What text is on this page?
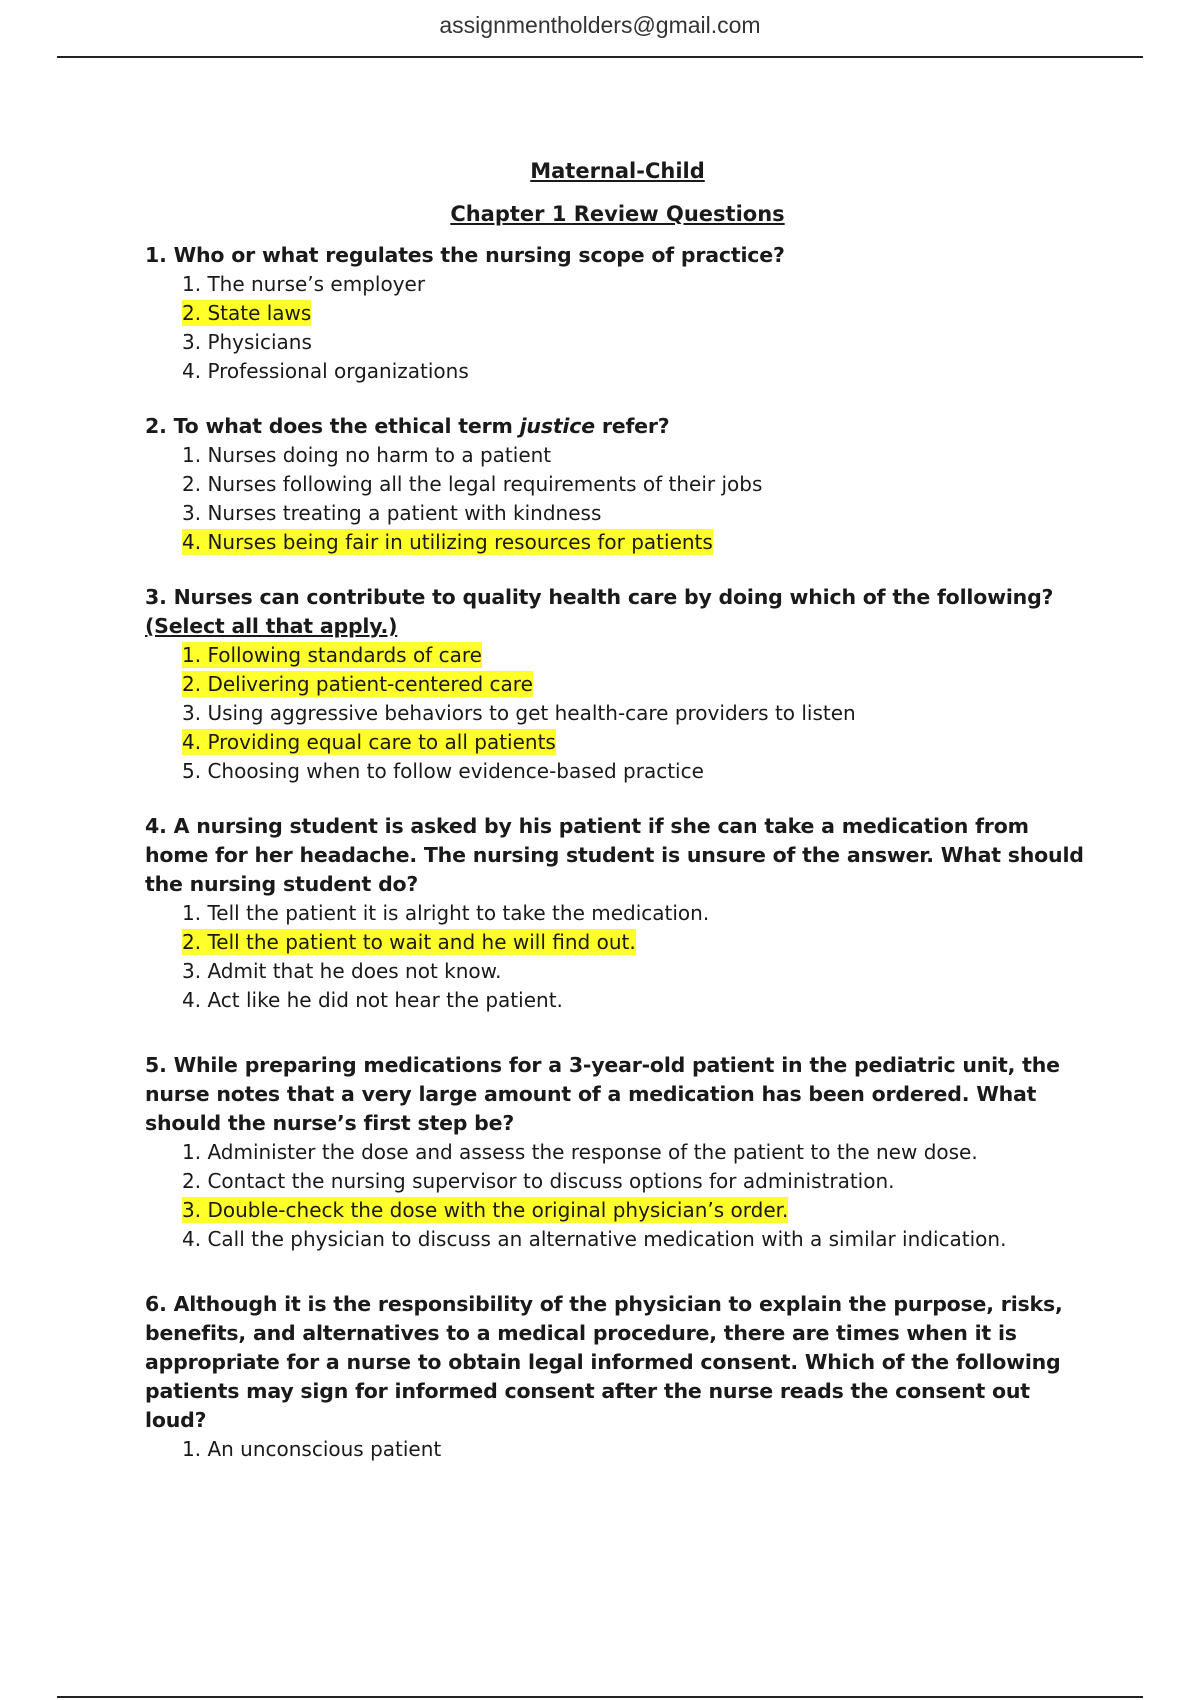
assignmentholders@gmail.com
Maternal-Child
Chapter 1 Review Questions
1. Who or what regulates the nursing scope of practice?
1. The nurse’s employer
2. State laws
3. Physicians
4. Professional organizations
2. To what does the ethical term justice refer?
1. Nurses doing no harm to a patient
2. Nurses following all the legal requirements of their jobs
3. Nurses treating a patient with kindness
4. Nurses being fair in utilizing resources for patients
3. Nurses can contribute to quality health care by doing which of the following? (Select all that apply.)
1. Following standards of care
2. Delivering patient-centered care
3. Using aggressive behaviors to get health-care providers to listen
4. Providing equal care to all patients
5. Choosing when to follow evidence-based practice
4. A nursing student is asked by his patient if she can take a medication from home for her headache. The nursing student is unsure of the answer. What should the nursing student do?
1. Tell the patient it is alright to take the medication.
2. Tell the patient to wait and he will find out.
3. Admit that he does not know.
4. Act like he did not hear the patient.
5. While preparing medications for a 3-year-old patient in the pediatric unit, the nurse notes that a very large amount of a medication has been ordered. What should the nurse’s first step be?
1. Administer the dose and assess the response of the patient to the new dose.
2. Contact the nursing supervisor to discuss options for administration.
3. Double-check the dose with the original physician’s order.
4. Call the physician to discuss an alternative medication with a similar indication.
6. Although it is the responsibility of the physician to explain the purpose, risks, benefits, and alternatives to a medical procedure, there are times when it is appropriate for a nurse to obtain legal informed consent. Which of the following patients may sign for informed consent after the nurse reads the consent out loud?
1. An unconscious patient
